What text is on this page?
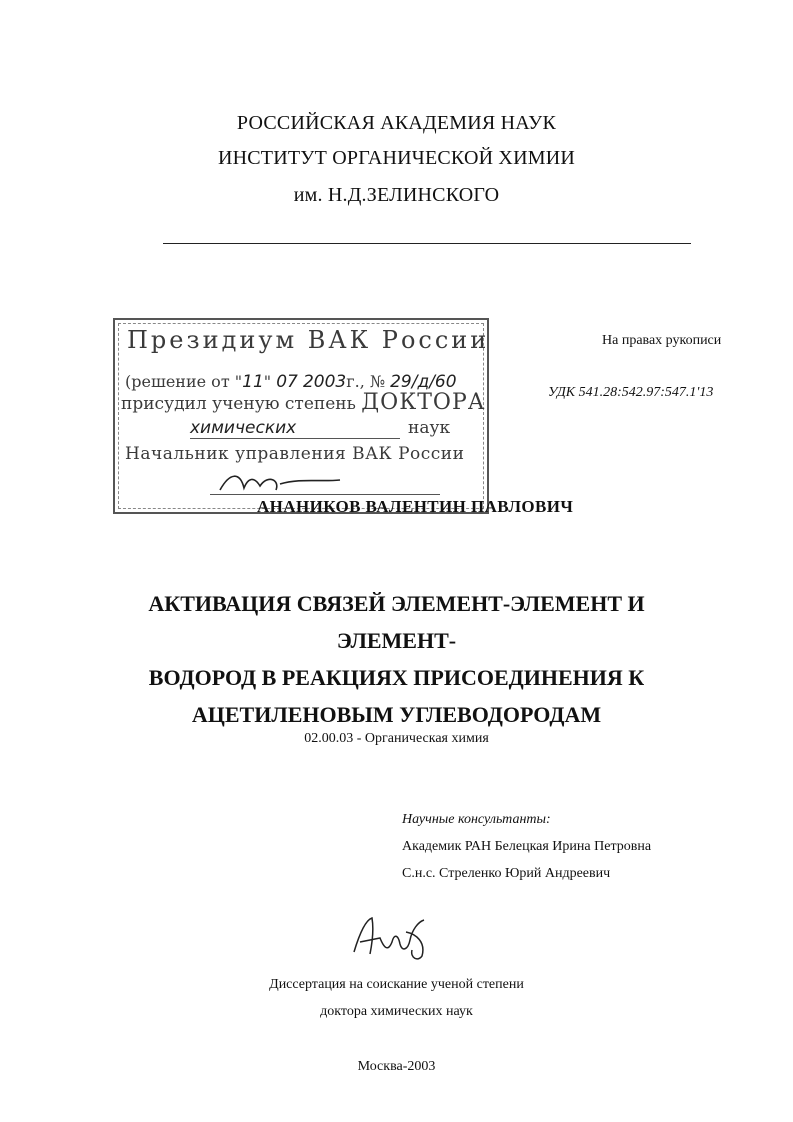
РОССИЙСКАЯ АКАДЕМИЯ НАУК
ИНСТИТУТ ОРГАНИЧЕСКОЙ ХИМИИ
им. Н.Д.ЗЕЛИНСКОГО
Президиум ВАК России
(решение от "11" 07 2003г., № 29/д/60
присудил ученую степень ДОКТОРА
химических	наук
Начальник управления ВАК России
На правах рукописи
УДК 541.28:542.97:547.1'13
АНАНИКОВ ВАЛЕНТИН ПАВЛОВИЧ
АКТИВАЦИЯ СВЯЗЕЙ ЭЛЕМЕНТ-ЭЛЕМЕНТ И ЭЛЕМЕНТ-
ВОДОРОД В РЕАКЦИЯХ ПРИСОЕДИНЕНИЯ К
АЦЕТИЛЕНОВЫМ УГЛЕВОДОРОДАМ
02.00.03 - Органическая химия
Научные консультанты:
Академик РАН Белецкая Ирина Петровна
С.н.с. Стреленко Юрий Андреевич
Диссертация на соискание ученой степени
доктора химических наук
Москва-2003
